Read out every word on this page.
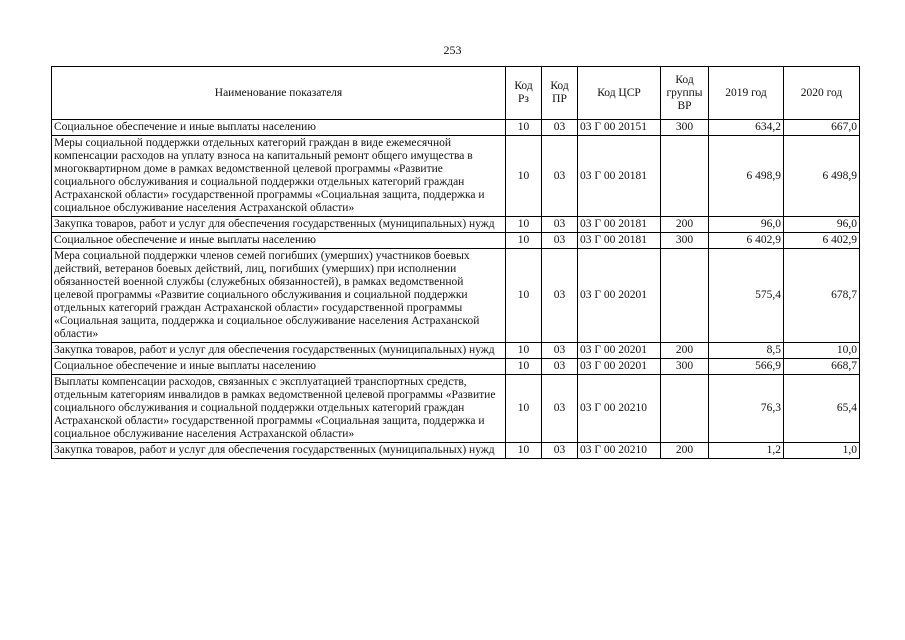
253
Наименование показателя	Код Рз	Код ПР	Код ЦСР	Код группы ВР	2019 год	2020 год
Социальное обеспечение и иные выплаты населению	10	03	03 Г 00 20151	300	634,2	667,0
Меры социальной поддержки отдельных категорий граждан в виде ежемесячной компенсации расходов на уплату взноса на капитальный ремонт общего имущества в многоквартирном доме в рамках ведомственной целевой программы «Развитие социального обслуживания и социальной поддержки отдельных категорий граждан Астраханской области» государственной программы «Социальная защита, поддержка и социальное обслуживание населения Астраханской области»	10	03	03 Г 00 20181		6 498,9	6 498,9
Закупка товаров, работ и услуг для обеспечения государственных (муниципальных) нужд	10	03	03 Г 00 20181	200	96,0	96,0
Социальное обеспечение и иные выплаты населению	10	03	03 Г 00 20181	300	6 402,9	6 402,9
Мера социальной поддержки членов семей погибших (умерших) участников боевых действий, ветеранов боевых действий, лиц, погибших (умерших) при исполнении обязанностей военной службы (служебных обязанностей), в рамках ведомственной целевой программы «Развитие социального обслуживания и социальной поддержки отдельных категорий граждан Астраханской области» государственной программы «Социальная защита, поддержка и социальное обслуживание населения Астраханской области»	10	03	03 Г 00 20201		575,4	678,7
Закупка товаров, работ и услуг для обеспечения государственных (муниципальных) нужд	10	03	03 Г 00 20201	200	8,5	10,0
Социальное обеспечение и иные выплаты населению	10	03	03 Г 00 20201	300	566,9	668,7
Выплаты компенсации расходов, связанных с эксплуатацией транспортных средств, отдельным категориям инвалидов в рамках ведомственной целевой программы «Развитие социального обслуживания и социальной поддержки отдельных категорий граждан Астраханской области» государственной программы «Социальная защита, поддержка и социальное обслуживание населения Астраханской области»	10	03	03 Г 00 20210		76,3	65,4
Закупка товаров, работ и услуг для обеспечения государственных (муниципальных) нужд	10	03	03 Г 00 20210	200	1,2	1,0
